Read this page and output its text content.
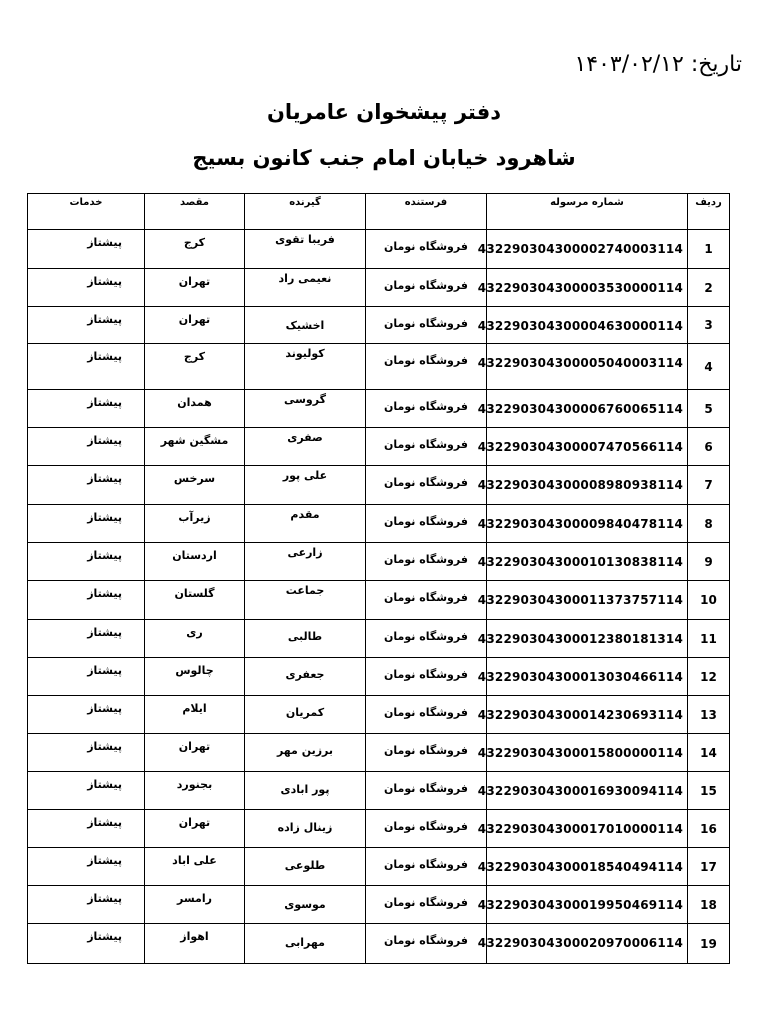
تاریخ: ۱۴۰۳/۰۲/۱۲
دفتر پیشخوان عامریان
شاهرود خیابان امام جنب کانون بسیج
ردیف	شماره مرسوله	فرستنده	گیرنده	مقصد	خدمات
1	432290304300002740003114	فروشگاه نومان	فریبا تقوی	کرج	پیشتاز
2	432290304300003530000114	فروشگاه نومان	نعیمی راد	تهران	پیشتاز
3	432290304300004630000114	فروشگاه نومان	اخشیک	تهران	پیشتاز
4	432290304300005040003114	فروشگاه نومان	کولیوند	کرج	پیشتاز
5	432290304300006760065114	فروشگاه نومان	گروسی	همدان	پیشتاز
6	432290304300007470566114	فروشگاه نومان	صفری	مشگین شهر	پیشتاز
7	432290304300008980938114	فروشگاه نومان	علی پور	سرخس	پیشتاز
8	432290304300009840478114	فروشگاه نومان	مقدم	زیرآب	پیشتاز
9	432290304300010130838114	فروشگاه نومان	زارعی	اردستان	پیشتاز
10	432290304300011373757114	فروشگاه نومان	جماعت	گلستان	پیشتاز
11	432290304300012380181314	فروشگاه نومان	طالبی	ری	پیشتاز
12	432290304300013030466114	فروشگاه نومان	جعفری	چالوس	پیشتاز
13	432290304300014230693114	فروشگاه نومان	کمریان	ایلام	پیشتاز
14	432290304300015800000114	فروشگاه نومان	برزین مهر	تهران	پیشتاز
15	432290304300016930094114	فروشگاه نومان	پور ابادی	بجنورد	پیشتاز
16	432290304300017010000114	فروشگاه نومان	زینال زاده	تهران	پیشتاز
17	432290304300018540494114	فروشگاه نومان	طلوعی	علی اباد	پیشتاز
18	432290304300019950469114	فروشگاه نومان	موسوی	رامسر	پیشتاز
19	432290304300020970006114	فروشگاه نومان	مهرابی	اهواز	پیشتاز
